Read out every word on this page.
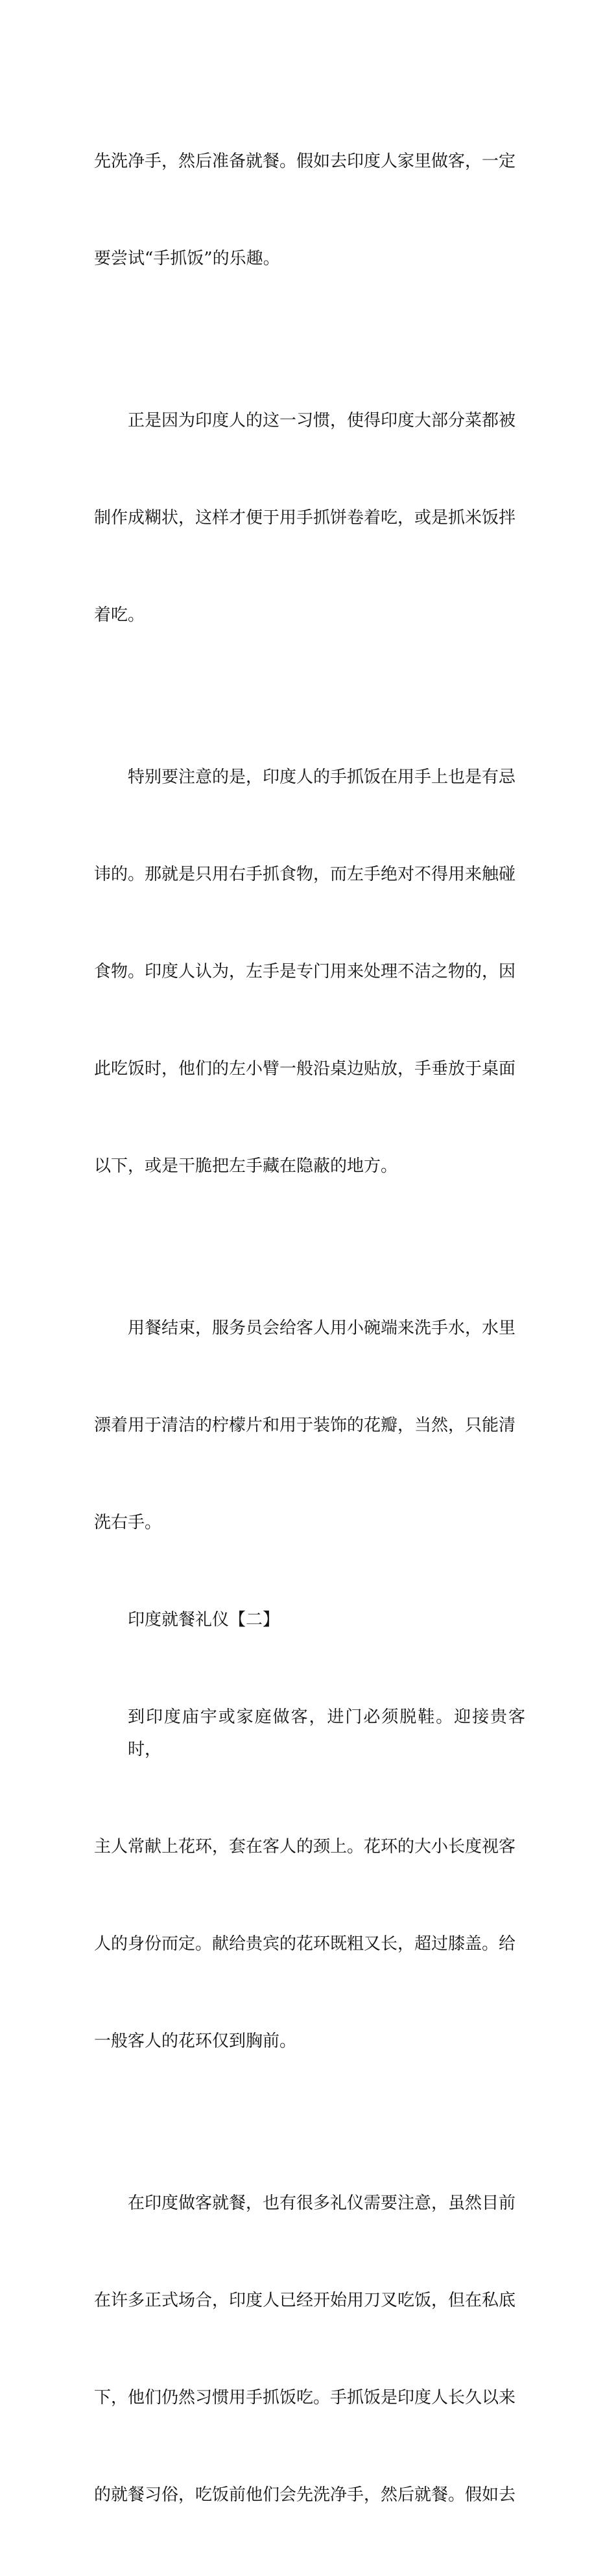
先洗净手，然后准备就餐。假如去印度人家里做客，一定

要尝试“手抓饭”的乐趣。

正是因为印度人的这一习惯，使得印度大部分菜都被

制作成糊状，这样才便于用手抓饼卷着吃，或是抓米饭拌

着吃。

特别要注意的是，印度人的手抓饭在用手上也是有忌

讳的。那就是只用右手抓食物，而左手绝对不得用来触碰

食物。印度人认为，左手是专门用来处理不洁之物的，因

此吃饭时，他们的左小臂一般沿桌边贴放，手垂放于桌面

以下，或是干脆把左手藏在隐蔽的地方。

用餐结束，服务员会给客人用小碗端来洗手水，水里

漂着用于清洁的柠檬片和用于装饰的花瓣，当然，只能清

洗右手。

印度就餐礼仪【二】

到印度庙宇或家庭做客，进门必须脱鞋。迎接贵客时，

主人常献上花环，套在客人的颈上。花环的大小长度视客

人的身份而定。献给贵宾的花环既粗又长，超过膝盖。给

一般客人的花环仅到胸前。

在印度做客就餐，也有很多礼仪需要注意，虽然目前

在许多正式场合，印度人已经开始用刀叉吃饭，但在私底

下，他们仍然习惯用手抓饭吃。手抓饭是印度人长久以来

的就餐习俗，吃饭前他们会先洗净手，然后就餐。假如去
